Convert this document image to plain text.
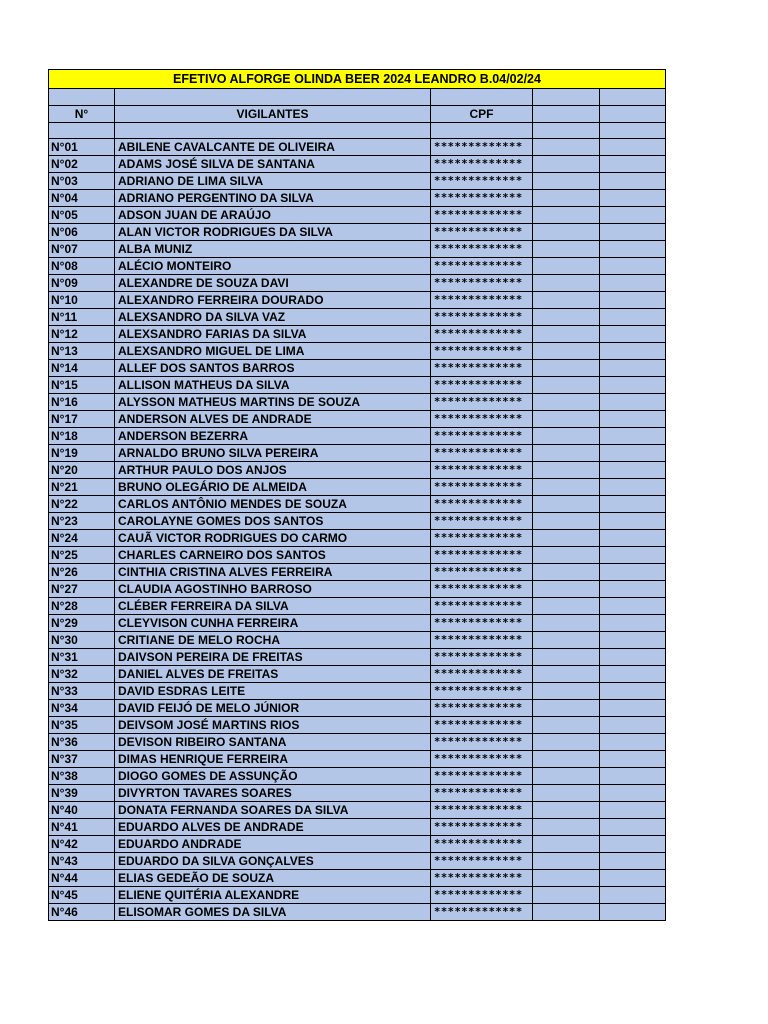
EFETIVO ALFORGE OLINDA BEER 2024 LEANDRO B.04/02/24				

N°	VIGILANTES	CPF		

N°01	ABILENE CAVALCANTE DE OLIVEIRA	*************		
N°02	ADAMS JOSÉ SILVA DE SANTANA	*************		
N°03	ADRIANO DE LIMA SILVA	*************		
N°04	ADRIANO PERGENTINO DA SILVA	*************		
N°05	ADSON JUAN DE ARAÚJO	*************		
N°06	ALAN VICTOR RODRIGUES DA SILVA	*************		
N°07	ALBA MUNIZ	*************		
N°08	ALÉCIO MONTEIRO	*************		
N°09	ALEXANDRE DE SOUZA DAVI	*************		
N°10	ALEXANDRO FERREIRA DOURADO	*************		
N°11	ALEXSANDRO DA SILVA VAZ	*************		
N°12	ALEXSANDRO FARIAS DA SILVA	*************		
N°13	ALEXSANDRO MIGUEL DE LIMA	*************		
N°14	ALLEF DOS SANTOS BARROS	*************		
N°15	ALLISON MATHEUS DA SILVA	*************		
N°16	ALYSSON MATHEUS MARTINS DE SOUZA	*************		
N°17	ANDERSON ALVES DE ANDRADE	*************		
N°18	ANDERSON BEZERRA	*************		
N°19	ARNALDO BRUNO SILVA PEREIRA	*************		
N°20	ARTHUR PAULO DOS ANJOS	*************		
N°21	BRUNO OLEGÁRIO DE ALMEIDA	*************		
N°22	CARLOS ANTÔNIO MENDES DE SOUZA	*************		
N°23	CAROLAYNE GOMES DOS SANTOS	*************		
N°24	CAUÃ VICTOR RODRIGUES DO CARMO	*************		
N°25	CHARLES CARNEIRO DOS SANTOS	*************		
N°26	CINTHIA CRISTINA ALVES FERREIRA	*************		
N°27	CLAUDIA AGOSTINHO BARROSO	*************		
N°28	CLÉBER FERREIRA DA SILVA	*************		
N°29	CLEYVISON CUNHA FERREIRA	*************		
N°30	CRITIANE DE MELO ROCHA	*************		
N°31	DAIVSON PEREIRA DE FREITAS	*************		
N°32	DANIEL ALVES DE FREITAS	*************		
N°33	DAVID ESDRAS LEITE	*************		
N°34	DAVID FEIJÓ DE MELO JÚNIOR	*************		
N°35	DEIVSOM JOSÉ MARTINS RIOS	*************		
N°36	DEVISON RIBEIRO SANTANA	*************		
N°37	DIMAS HENRIQUE FERREIRA	*************		
N°38	DIOGO GOMES DE ASSUNÇÃO	*************		
N°39	DIVYRTON TAVARES SOARES	*************		
N°40	DONATA FERNANDA SOARES DA SILVA	*************		
N°41	EDUARDO ALVES DE ANDRADE	*************		
N°42	EDUARDO ANDRADE	*************		
N°43	EDUARDO DA SILVA GONÇALVES	*************		
N°44	ELIAS GEDEÃO DE SOUZA	*************		
N°45	ELIENE QUITÉRIA ALEXANDRE	*************		
N°46	ELISOMAR GOMES DA SILVA	*************		
